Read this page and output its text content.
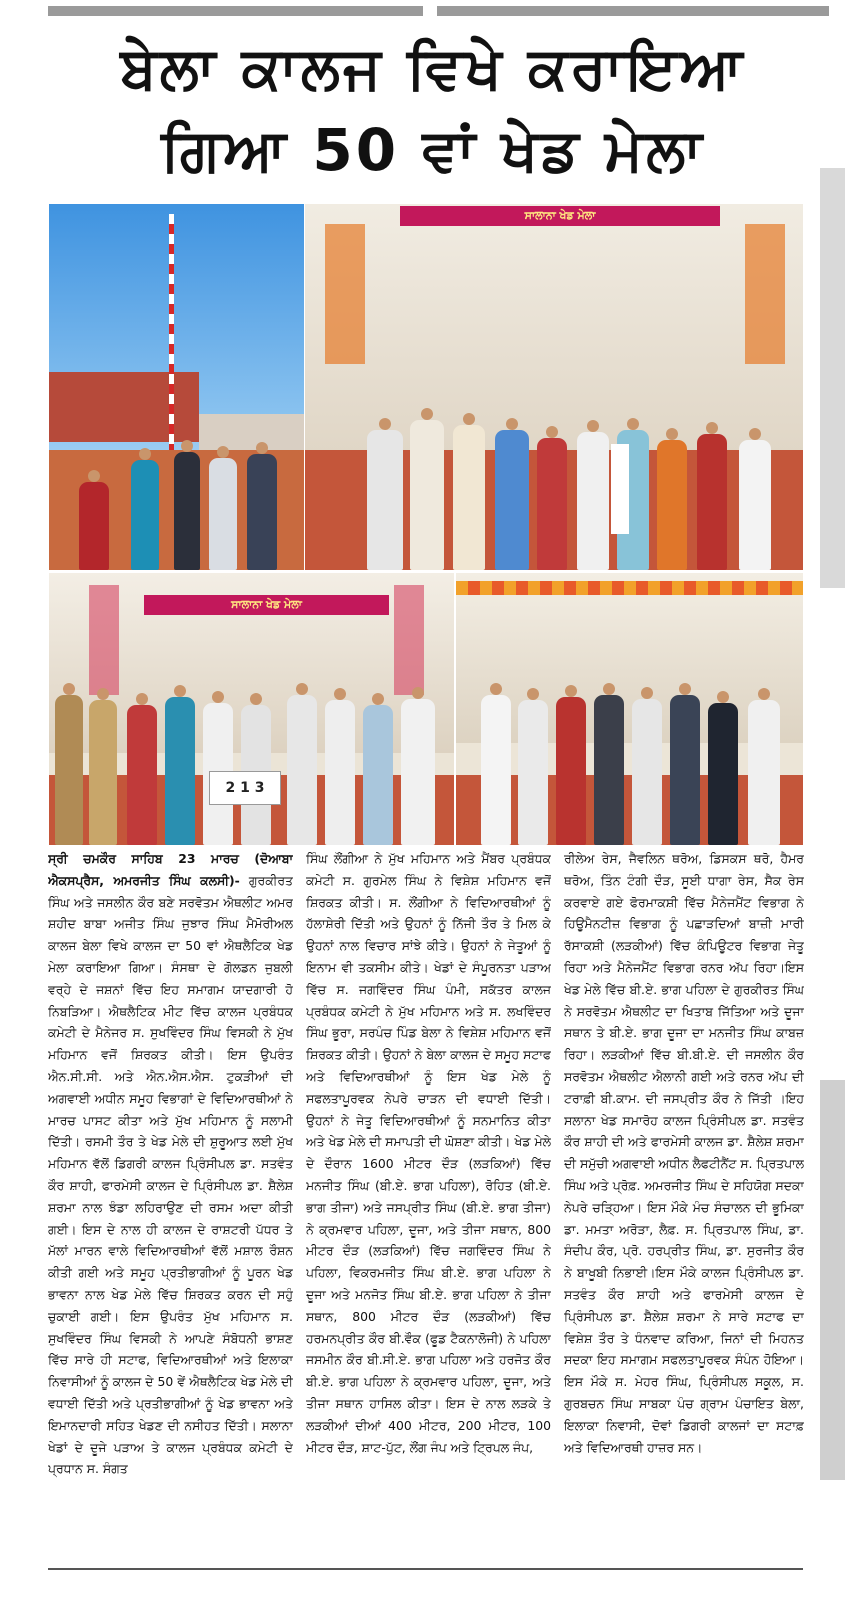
ਬੇਲਾ ਕਾਲਜ ਵਿਖੇ ਕਰਾਇਆ
ਗਿਆ 50 ਵਾਂ ਖੇਡ ਮੇਲਾ
ਸਾਲਾਨਾ ਖੇਡ ਮੇਲਾ
ਸਾਲਾਨਾ ਖੇਡ ਮੇਲਾ
2 1 3
ਸ੍ਰੀ ਚਮਕੌਰ ਸਾਹਿਬ 23 ਮਾਰਚ (ਦੋਆਬਾ ਐਕਸਪ੍ਰੈਸ, ਅਮਰਜੀਤ ਸਿੰਘ ਕਲਸੀ)- ਗੁਰਕੀਰਤ ਸਿੰਘ ਅਤੇ ਜਸਲੀਨ ਕੌਰ ਬਣੇ ਸਰਵੋਤਮ ਐਥਲੀਟ ਅਮਰ ਸ਼ਹੀਦ ਬਾਬਾ ਅਜੀਤ ਸਿੰਘ ਜੁਝਾਰ ਸਿੰਘ ਮੈਮੋਰੀਅਲ ਕਾਲਜ ਬੇਲਾ ਵਿਖੇ ਕਾਲਜ ਦਾ 50 ਵਾਂ ਐਥਲੈਟਿਕ ਖੇਡ ਮੇਲਾ ਕਰਾਇਆ ਗਿਆ। ਸੰਸਥਾ ਦੇ ਗੋਲਡਨ ਜੁਬਲੀ ਵਰ੍ਹੇ ਦੇ ਜਸ਼ਨਾਂ ਵਿੱਚ ਇਹ ਸਮਾਗਮ ਯਾਦਗਾਰੀ ਹੋ ਨਿਬੜਿਆ। ਐਥਲੈਟਿਕ ਮੀਟ ਵਿੱਚ ਕਾਲਜ ਪ੍ਰਬੰਧਕ ਕਮੇਟੀ ਦੇ ਮੈਨੇਜਰ ਸ. ਸੁਖਵਿੰਦਰ ਸਿੰਘ ਵਿਸਕੀ ਨੇ ਮੁੱਖ ਮਹਿਮਾਨ ਵਜੋਂ ਸ਼ਿਰਕਤ ਕੀਤੀ। ਇਸ ਉਪਰੰਤ ਐਨ.ਸੀ.ਸੀ. ਅਤੇ ਐਨ.ਐਸ.ਐਸ. ਟੁਕੜੀਆਂ ਦੀ ਅਗਵਾਈ ਅਧੀਨ ਸਮੂਹ ਵਿਭਾਗਾਂ ਦੇ ਵਿਦਿਆਰਥੀਆਂ ਨੇ ਮਾਰਚ ਪਾਸਟ ਕੀਤਾ ਅਤੇ ਮੁੱਖ ਮਹਿਮਾਨ ਨੂੰ ਸਲਾਮੀ ਦਿੱਤੀ। ਰਸਮੀ ਤੌਰ ਤੇ ਖੇਡ ਮੇਲੇ ਦੀ ਸ਼ੁਰੂਆਤ ਲਈ ਮੁੱਖ ਮਹਿਮਾਨ ਵੱਲੋਂ ਡਿਗਰੀ ਕਾਲਜ ਪ੍ਰਿੰਸੀਪਲ ਡਾ. ਸਤਵੰਤ ਕੌਰ ਸ਼ਾਹੀ, ਫਾਰਮੇਸੀ ਕਾਲਜ ਦੇ ਪ੍ਰਿੰਸੀਪਲ ਡਾ. ਸ਼ੈਲੇਸ਼ ਸ਼ਰਮਾ ਨਾਲ ਝੰਡਾ ਲਹਿਰਾਉਣ ਦੀ ਰਸਮ ਅਦਾ ਕੀਤੀ ਗਈ। ਇਸ ਦੇ ਨਾਲ ਹੀ ਕਾਲਜ ਦੇ ਰਾਸ਼ਟਰੀ ਪੱਧਰ ਤੇ ਮੱਲਾਂ ਮਾਰਨ ਵਾਲੇ ਵਿਦਿਆਰਥੀਆਂ ਵੱਲੋਂ ਮਸ਼ਾਲ ਰੌਸ਼ਨ ਕੀਤੀ ਗਈ ਅਤੇ ਸਮੂਹ ਪ੍ਰਤੀਭਾਗੀਆਂ ਨੂੰ ਪੂਰਨ ਖੇਡ ਭਾਵਨਾ ਨਾਲ ਖੇਡ ਮੇਲੇ ਵਿੱਚ ਸ਼ਿਰਕਤ ਕਰਨ ਦੀ ਸਹੁੰ ਚੁਕਾਈ ਗਈ। ਇਸ ਉਪਰੰਤ ਮੁੱਖ ਮਹਿਮਾਨ ਸ. ਸੁਖਵਿੰਦਰ ਸਿੰਘ ਵਿਸਕੀ ਨੇ ਆਪਣੇ ਸੰਬੋਧਨੀ ਭਾਸ਼ਣ ਵਿੱਚ ਸਾਰੇ ਹੀ ਸਟਾਫ, ਵਿਦਿਆਰਥੀਆਂ ਅਤੇ ਇਲਾਕਾ ਨਿਵਾਸੀਆਂ ਨੂੰ ਕਾਲਜ ਦੇ 50 ਵੇਂ ਐਥਲੈਟਿਕ ਖੇਡ ਮੇਲੇ ਦੀ ਵਧਾਈ ਦਿੱਤੀ ਅਤੇ ਪ੍ਰਤੀਭਾਗੀਆਂ ਨੂੰ ਖੇਡ ਭਾਵਨਾ ਅਤੇ ਇਮਾਨਦਾਰੀ ਸਹਿਤ ਖੇਡਣ ਦੀ ਨਸੀਹਤ ਦਿੱਤੀ। ਸਲਾਨਾ ਖੇਡਾਂ ਦੇ ਦੂਜੇ ਪੜਾਅ ਤੇ ਕਾਲਜ ਪ੍ਰਬੰਧਕ ਕਮੇਟੀ ਦੇ ਪ੍ਰਧਾਨ ਸ. ਸੰਗਤ
ਸਿੰਘ ਲੌਂਗੀਆ ਨੇ ਮੁੱਖ ਮਹਿਮਾਨ ਅਤੇ ਮੈਂਬਰ ਪ੍ਰਬੰਧਕ ਕਮੇਟੀ ਸ. ਗੁਰਮੇਲ ਸਿੰਘ ਨੇ ਵਿਸ਼ੇਸ਼ ਮਹਿਮਾਨ ਵਜੋਂ ਸ਼ਿਰਕਤ ਕੀਤੀ। ਸ. ਲੌਂਗੀਆ ਨੇ ਵਿਦਿਆਰਥੀਆਂ ਨੂੰ ਹੱਲਾਸ਼ੇਰੀ ਦਿੱਤੀ ਅਤੇ ਉਹਨਾਂ ਨੂੰ ਨਿੱਜੀ ਤੌਰ ਤੇ ਮਿਲ ਕੇ ਉਹਨਾਂ ਨਾਲ ਵਿਚਾਰ ਸਾਂਝੇ ਕੀਤੇ। ਉਹਨਾਂ ਨੇ ਜੇਤੂਆਂ ਨੂੰ ਇਨਾਮ ਵੀ ਤਕਸੀਮ ਕੀਤੇ। ਖੇਡਾਂ ਦੇ ਸੰਪੂਰਨਤਾ ਪੜਾਅ ਵਿੱਚ ਸ. ਜਗਵਿੰਦਰ ਸਿੰਘ ਪੰਮੀ, ਸਕੱਤਰ ਕਾਲਜ ਪ੍ਰਬੰਧਕ ਕਮੇਟੀ ਨੇ ਮੁੱਖ ਮਹਿਮਾਨ ਅਤੇ ਸ. ਲਖਵਿੰਦਰ ਸਿੰਘ ਭੂਰਾ, ਸਰਪੰਚ ਪਿੰਡ ਬੇਲਾ ਨੇ ਵਿਸ਼ੇਸ਼ ਮਹਿਮਾਨ ਵਜੋਂ ਸ਼ਿਰਕਤ ਕੀਤੀ। ਉਹਨਾਂ ਨੇ ਬੇਲਾ ਕਾਲਜ ਦੇ ਸਮੂਹ ਸਟਾਫ ਅਤੇ ਵਿਦਿਆਰਥੀਆਂ ਨੂੰ ਇਸ ਖੇਡ ਮੇਲੇ ਨੂੰ ਸਫਲਤਾਪੂਰਵਕ ਨੇਪਰੇ ਚਾੜਨ ਦੀ ਵਧਾਈ ਦਿੱਤੀ। ਉਹਨਾਂ ਨੇ ਜੇਤੂ ਵਿਦਿਆਰਥੀਆਂ ਨੂੰ ਸਨਮਾਨਿਤ ਕੀਤਾ ਅਤੇ ਖੇਡ ਮੇਲੇ ਦੀ ਸਮਾਪਤੀ ਦੀ ਘੋਸ਼ਣਾ ਕੀਤੀ। ਖੇਡ ਮੇਲੇ ਦੇ ਦੌਰਾਨ 1600 ਮੀਟਰ ਦੌੜ (ਲੜਕਿਆਂ) ਵਿੱਚ ਮਨਜੀਤ ਸਿੰਘ (ਬੀ.ਏ. ਭਾਗ ਪਹਿਲਾ), ਰੋਹਿਤ (ਬੀ.ਏ. ਭਾਗ ਤੀਜਾ) ਅਤੇ ਜਸਪ੍ਰੀਤ ਸਿੰਘ (ਬੀ.ਏ. ਭਾਗ ਤੀਜਾ) ਨੇ ਕ੍ਰਮਵਾਰ ਪਹਿਲਾ, ਦੂਜਾ, ਅਤੇ ਤੀਜਾ ਸਥਾਨ, 800 ਮੀਟਰ ਦੌੜ (ਲੜਕਿਆਂ) ਵਿੱਚ ਜਗਵਿੰਦਰ ਸਿੰਘ ਨੇ ਪਹਿਲਾ, ਵਿਕਰਮਜੀਤ ਸਿੰਘ ਬੀ.ਏ. ਭਾਗ ਪਹਿਲਾ ਨੇ ਦੂਜਾ ਅਤੇ ਮਨਜੋਤ ਸਿੰਘ ਬੀ.ਏ. ਭਾਗ ਪਹਿਲਾ ਨੇ ਤੀਜਾ ਸਥਾਨ, 800 ਮੀਟਰ ਦੌੜ (ਲੜਕੀਆਂ) ਵਿੱਚ ਹਰਮਨਪ੍ਰੀਤ ਕੌਰ ਬੀ.ਵੌਕ (ਫੂਡ ਟੈਕਨਾਲੋਜੀ) ਨੇ ਪਹਿਲਾ ਜਸਮੀਨ ਕੌਰ ਬੀ.ਸੀ.ਏ. ਭਾਗ ਪਹਿਲਾ ਅਤੇ ਹਰਜੋਤ ਕੌਰ ਬੀ.ਏ. ਭਾਗ ਪਹਿਲਾ ਨੇ ਕ੍ਰਮਵਾਰ ਪਹਿਲਾ, ਦੂਜਾ, ਅਤੇ ਤੀਜਾ ਸਥਾਨ ਹਾਸਿਲ ਕੀਤਾ। ਇਸ ਦੇ ਨਾਲ ਲੜਕੇ ਤੇ ਲੜਕੀਆਂ ਦੀਆਂ 400 ਮੀਟਰ, 200 ਮੀਟਰ, 100 ਮੀਟਰ ਦੌੜ, ਸ਼ਾਟ-ਪੁੱਟ, ਲੌਂਗ ਜੰਪ ਅਤੇ ਟ੍ਰਿਪਲ ਜੰਪ,
ਰੀਲੇਅ ਰੇਸ, ਜੈਵਲਿਨ ਥਰੋਅ, ਡਿਸਕਸ ਥਰੋ, ਹੈਮਰ ਥਰੋਅ, ਤਿੰਨ ਟੰਗੀ ਦੌੜ, ਸੂਈ ਧਾਗਾ ਰੇਸ, ਸੈਕ ਰੇਸ ਕਰਵਾਏ ਗਏ ਫੋਰਮਾਕਸ਼ੀ ਵਿੱਚ ਮੈਨੇਜਮੈਂਟ ਵਿਭਾਗ ਨੇ ਹਿਊਮੈਨਟੀਜ਼ ਵਿਭਾਗ ਨੂੰ ਪਛਾੜਦਿਆਂ ਬਾਜ਼ੀ ਮਾਰੀ ਰੱਸਾਕਸ਼ੀ (ਲੜਕੀਆਂ) ਵਿੱਚ ਕੰਪਿਊਟਰ ਵਿਭਾਗ ਜੇਤੂ ਰਿਹਾ ਅਤੇ ਮੈਨੇਜਮੈਂਟ ਵਿਭਾਗ ਰਨਰ ਅੱਪ ਰਿਹਾ।ਇਸ ਖੇਡ ਮੇਲੇ ਵਿੱਚ ਬੀ.ਏ. ਭਾਗ ਪਹਿਲਾ ਦੇ ਗੁਰਕੀਰਤ ਸਿੰਘ ਨੇ ਸਰਵੋਤਮ ਐਥਲੀਟ ਦਾ ਖਿਤਾਬ ਜਿੱਤਿਆ ਅਤੇ ਦੂਜਾ ਸਥਾਨ ਤੇ ਬੀ.ਏ. ਭਾਗ ਦੂਜਾ ਦਾ ਮਨਜੀਤ ਸਿੰਘ ਕਾਬਜ਼ ਰਿਹਾ। ਲੜਕੀਆਂ ਵਿੱਚ ਬੀ.ਬੀ.ਏ. ਦੀ ਜਸਲੀਨ ਕੌਰ ਸਰਵੋਤਮ ਐਥਲੀਟ ਐਲਾਨੀ ਗਈ ਅਤੇ ਰਨਰ ਅੱਪ ਦੀ ਟਰਾਫ਼ੀ ਬੀ.ਕਾਮ. ਦੀ ਜਸਪ੍ਰੀਤ ਕੌਰ ਨੇ ਜਿੱਤੀ ।ਇਹ ਸਲਾਨਾ ਖੇਡ ਸਮਾਰੋਹ ਕਾਲਜ ਪ੍ਰਿੰਸੀਪਲ ਡਾ. ਸਤਵੰਤ ਕੌਰ ਸ਼ਾਹੀ ਦੀ ਅਤੇ ਫਾਰਮੇਸੀ ਕਾਲਜ ਡਾ. ਸ਼ੈਲੇਸ਼ ਸ਼ਰਮਾ ਦੀ ਸਮੁੱਚੀ ਅਗਵਾਈ ਅਧੀਨ ਲੈਫਟੀਨੈਂਟ ਸ. ਪ੍ਰਿਤਪਾਲ ਸਿੰਘ ਅਤੇ ਪ੍ਰੋਫ਼. ਅਮਰਜੀਤ ਸਿੰਘ ਦੇ ਸਹਿਯੋਗ ਸਦਕਾ ਨੇਪਰੇ ਚੜ੍ਹਿਆ। ਇਸ ਮੌਕੇ ਮੰਚ ਸੰਚਾਲਨ ਦੀ ਭੂਮਿਕਾ ਡਾ. ਮਮਤਾ ਅਰੋੜਾ, ਲੈਫ਼. ਸ. ਪ੍ਰਿਤਪਾਲ ਸਿੰਘ, ਡਾ. ਸੰਦੀਪ ਕੌਰ, ਪ੍ਰੋ. ਹਰਪ੍ਰੀਤ ਸਿੰਘ, ਡਾ. ਸੁਰਜੀਤ ਕੌਰ ਨੇ ਬਾਖੂਬੀ ਨਿਭਾਈ।ਇਸ ਮੌਕੇ ਕਾਲਜ ਪ੍ਰਿੰਸੀਪਲ ਡਾ. ਸਤਵੰਤ ਕੌਰ ਸ਼ਾਹੀ ਅਤੇ ਫਾਰਮੇਸੀ ਕਾਲਜ ਦੇ ਪ੍ਰਿੰਸੀਪਲ ਡਾ. ਸ਼ੈਲੇਸ਼ ਸ਼ਰਮਾ ਨੇ ਸਾਰੇ ਸਟਾਫ ਦਾ ਵਿਸ਼ੇਸ਼ ਤੌਰ ਤੇ ਧੰਨਵਾਦ ਕਰਿਆ, ਜਿਨਾਂ ਦੀ ਮਿਹਨਤ ਸਦਕਾ ਇਹ ਸਮਾਗਮ ਸਫਲਤਾਪੂਰਵਕ ਸੰਪੰਨ ਹੋਇਆ। ਇਸ ਮੌਕੇ ਸ. ਮੇਹਰ ਸਿੰਘ, ਪ੍ਰਿੰਸੀਪਲ ਸਕੂਲ, ਸ. ਗੁਰਬਚਨ ਸਿੰਘ ਸਾਬਕਾ ਪੰਚ ਗ੍ਰਾਮ ਪੰਚਾਇਤ ਬੇਲਾ, ਇਲਾਕਾ ਨਿਵਾਸੀ, ਦੋਵਾਂ ਡਿਗਰੀ ਕਾਲਜਾਂ ਦਾ ਸਟਾਫ਼ ਅਤੇ ਵਿਦਿਆਰਥੀ ਹਾਜ਼ਰ ਸਨ।
